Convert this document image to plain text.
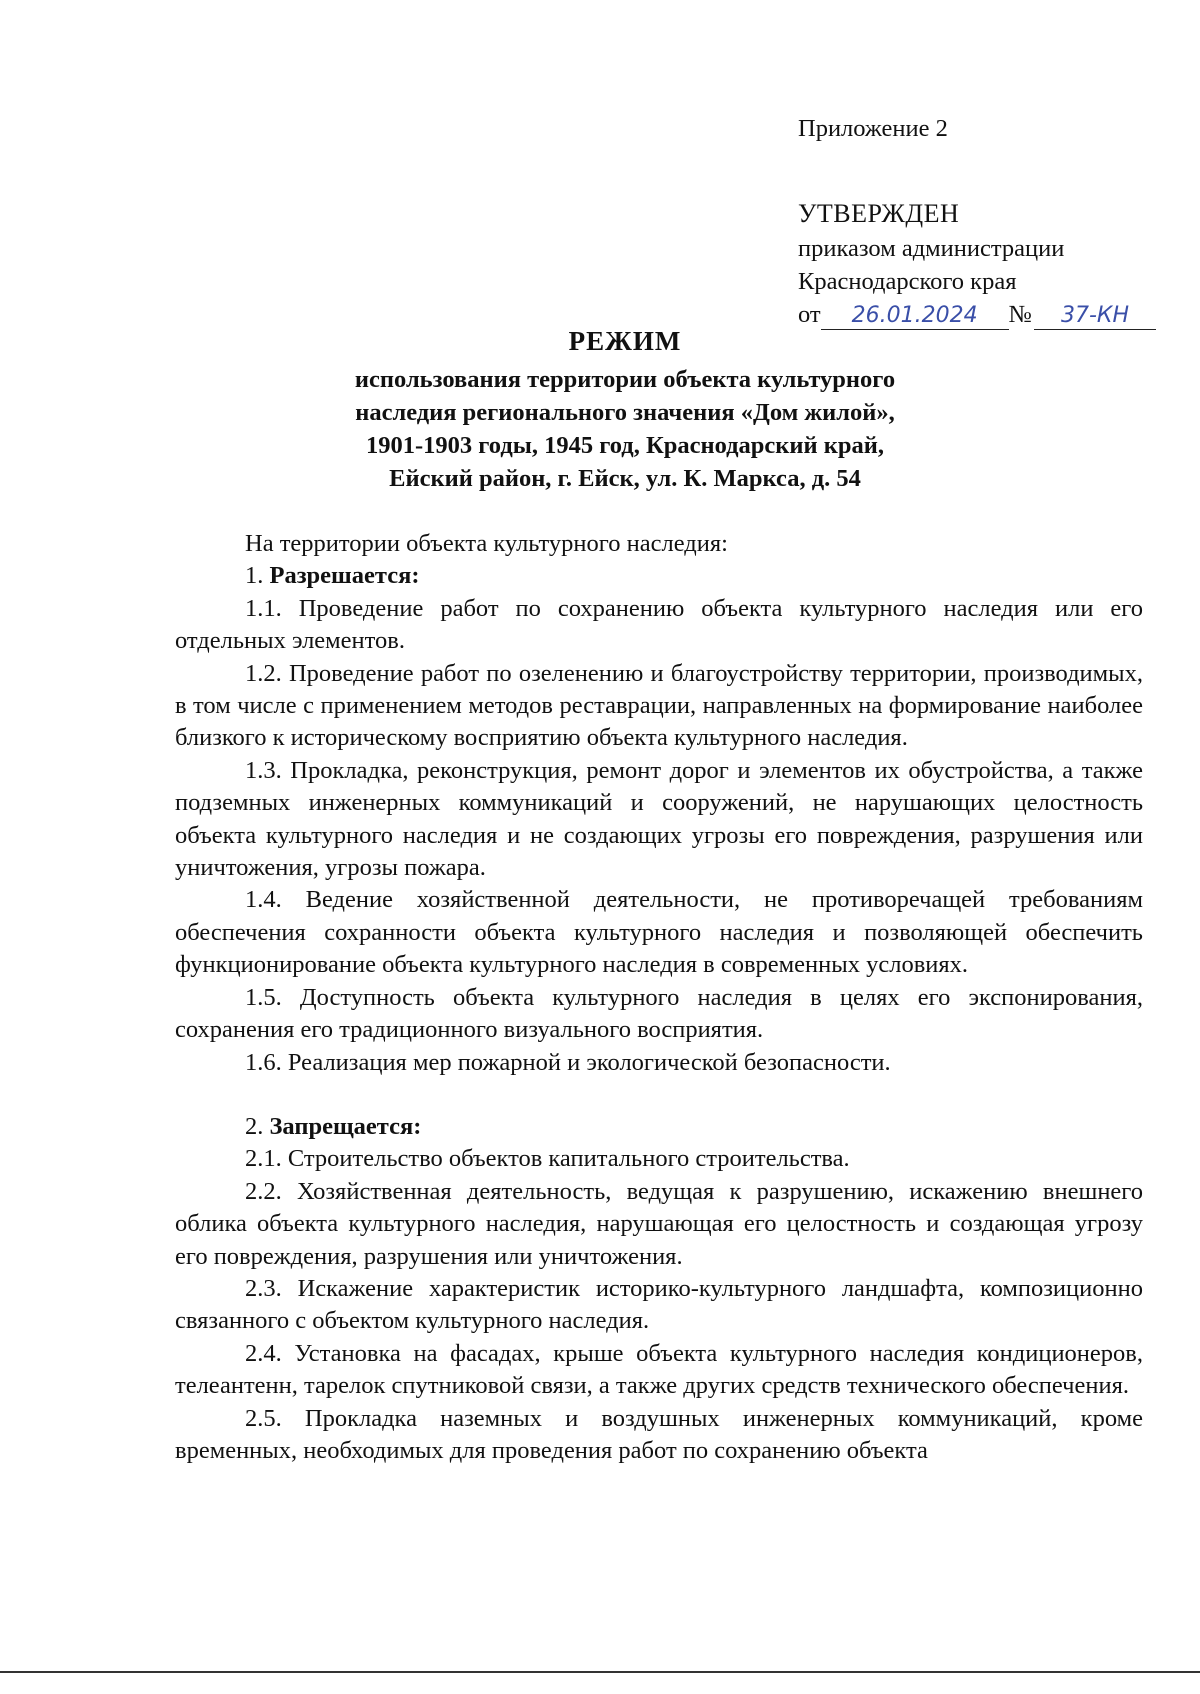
Приложение 2
УТВЕРЖДЕН
приказом администрации
Краснодарского края
от 26.01.2024 № 37-КН
РЕЖИМ
использования территории объекта культурного
наследия регионального значения «Дом жилой»,
1901-1903 годы, 1945 год, Краснодарский край,
Ейский район, г. Ейск, ул. К. Маркса, д. 54

На территории объекта культурного наследия:

1. Разрешается:

1.1. Проведение работ по сохранению объекта культурного наследия или его отдельных элементов.

1.2. Проведение работ по озеленению и благоустройству территории, производимых, в том числе с применением методов реставрации, направленных на формирование наиболее близкого к историческому восприятию объекта культурного наследия.

1.3. Прокладка, реконструкция, ремонт дорог и элементов их обустройства, а также подземных инженерных коммуникаций и сооружений, не нарушающих целостность объекта культурного наследия и не создающих угрозы его повреждения, разрушения или уничтожения, угрозы пожара.

1.4. Ведение хозяйственной деятельности, не противоречащей требованиям обеспечения сохранности объекта культурного наследия и позволяющей обеспечить функционирование объекта культурного наследия в современных условиях.

1.5. Доступность объекта культурного наследия в целях его экспонирования, сохранения его традиционного визуального восприятия.

1.6. Реализация мер пожарной и экологической безопасности.

2. Запрещается:

2.1. Строительство объектов капитального строительства.

2.2. Хозяйственная деятельность, ведущая к разрушению, искажению внешнего облика объекта культурного наследия, нарушающая его целостность и создающая угрозу его повреждения, разрушения или уничтожения.

2.3. Искажение характеристик историко-культурного ландшафта, композиционно связанного с объектом культурного наследия.

2.4. Установка на фасадах, крыше объекта культурного наследия кондиционеров, телеантенн, тарелок спутниковой связи, а также других средств технического обеспечения.

2.5. Прокладка наземных и воздушных инженерных коммуникаций, кроме временных, необходимых для проведения работ по сохранению объекта
